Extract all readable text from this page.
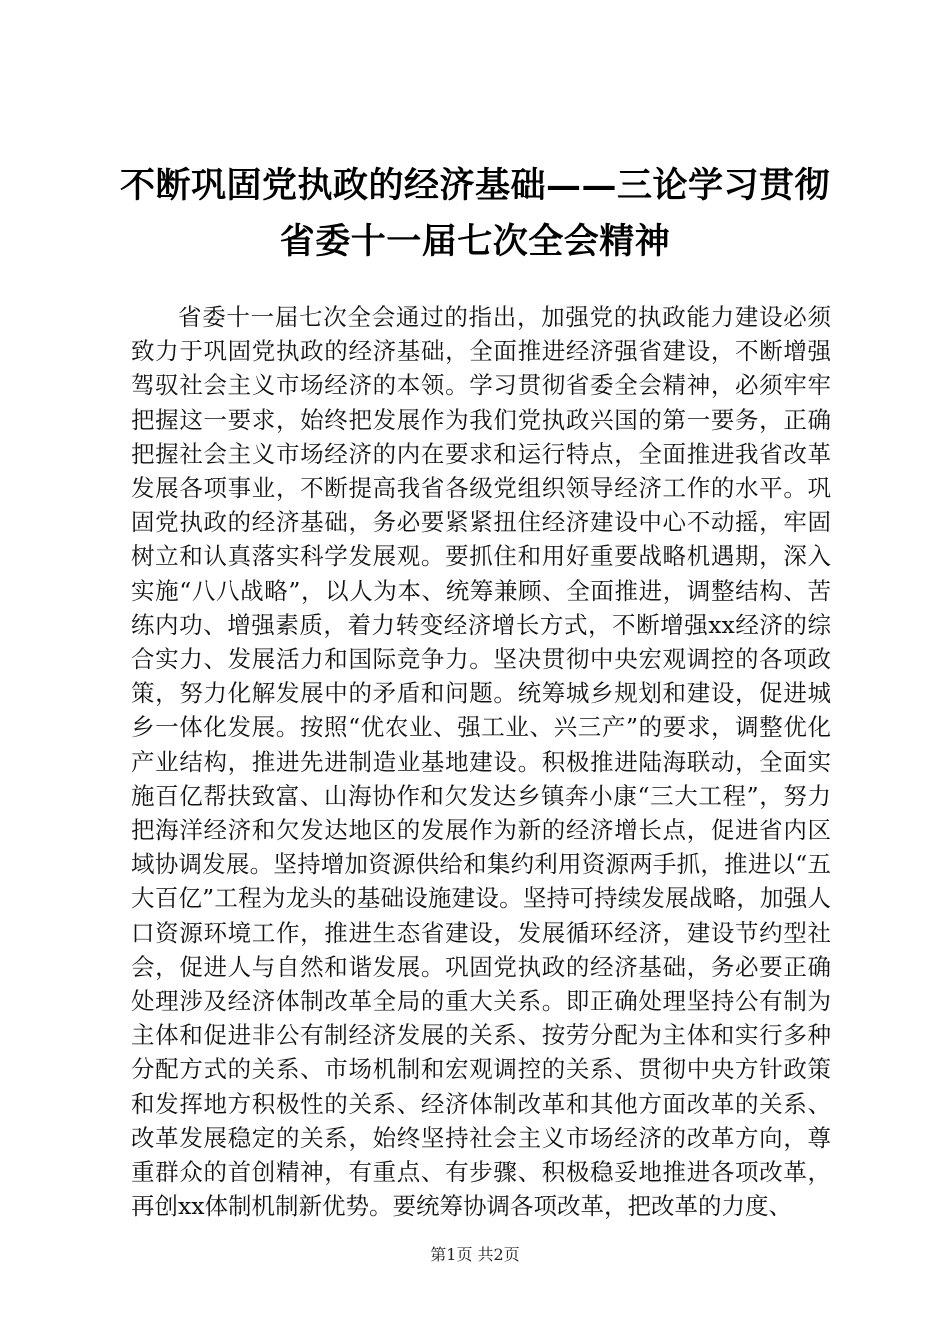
不断巩固党执政的经济基础——三论学习贯彻
省委十一届七次全会精神

省委十一届七次全会通过的指出，加强党的执政能力建设必须致力于巩固党执政的经济基础，全面推进经济强省建设，不断增强驾驭社会主义市场经济的本领。学习贯彻省委全会精神，必须牢牢把握这一要求，始终把发展作为我们党执政兴国的第一要务，正确把握社会主义市场经济的内在要求和运行特点，全面推进我省改革发展各项事业，不断提高我省各级党组织领导经济工作的水平。巩固党执政的经济基础，务必要紧紧扭住经济建设中心不动摇，牢固树立和认真落实科学发展观。要抓住和用好重要战略机遇期，深入实施“八八战略”，以人为本、统筹兼顾、全面推进，调整结构、苦练内功、增强素质，着力转变经济增长方式，不断增强xx经济的综合实力、发展活力和国际竞争力。坚决贯彻中央宏观调控的各项政策，努力化解发展中的矛盾和问题。统筹城乡规划和建设，促进城乡一体化发展。按照“优农业、强工业、兴三产”的要求，调整优化产业结构，推进先进制造业基地建设。积极推进陆海联动，全面实施百亿帮扶致富、山海协作和欠发达乡镇奔小康“三大工程”，努力把海洋经济和欠发达地区的发展作为新的经济增长点，促进省内区域协调发展。坚持增加资源供给和集约利用资源两手抓，推进以“五大百亿”工程为龙头的基础设施建设。坚持可持续发展战略，加强人口资源环境工作，推进生态省建设，发展循环经济，建设节约型社会，促进人与自然和谐发展。巩固党执政的经济基础，务必要正确处理涉及经济体制改革全局的重大关系。即正确处理坚持公有制为主体和促进非公有制经济发展的关系、按劳分配为主体和实行多种分配方式的关系、市场机制和宏观调控的关系、贯彻中央方针政策和发挥地方积极性的关系、经济体制改革和其他方面改革的关系、改革发展稳定的关系，始终坚持社会主义市场经济的改革方向，尊重群众的首创精神，有重点、有步骤、积极稳妥地推进各项改革，再创xx体制机制新优势。要统筹协调各项改革，把改革的力度、

第1页 共2页
